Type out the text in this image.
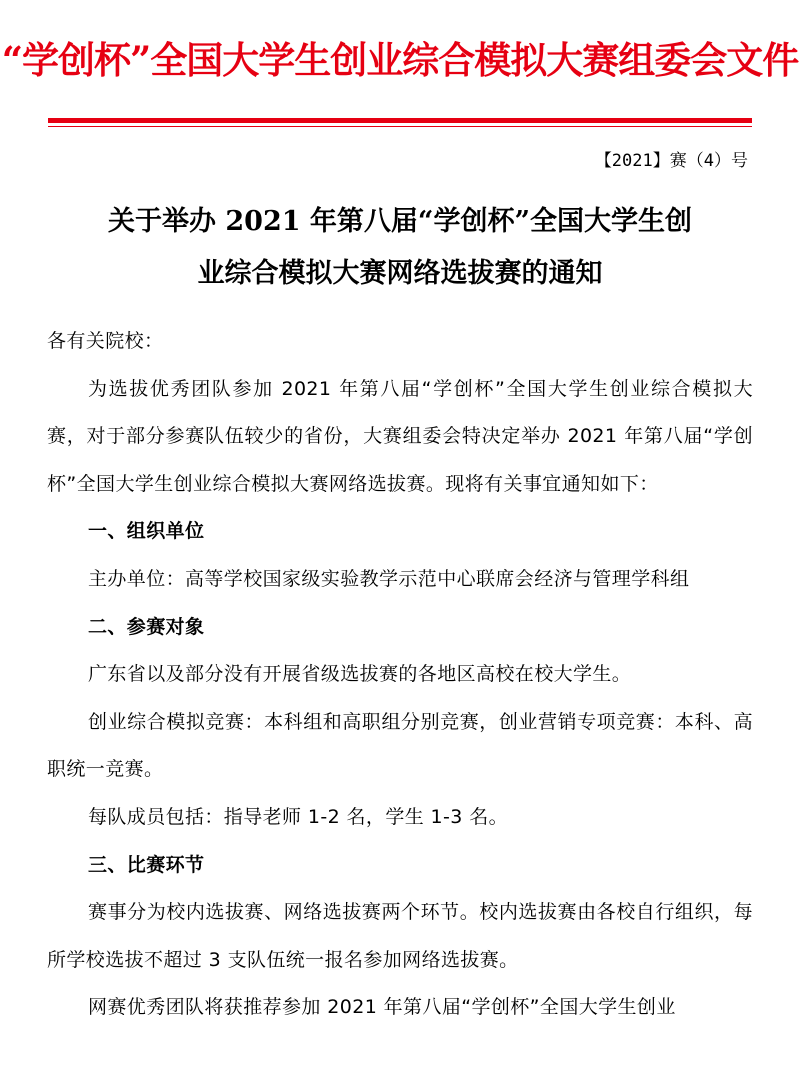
“学创杯”全国大学生创业综合模拟大赛组委会文件
【2021】赛（4）号
关于举办 2021 年第八届“学创杯”全国大学生创
业综合模拟大赛网络选拔赛的通知

各有关院校：

为选拔优秀团队参加 2021 年第八届“学创杯”全国大学生创业综合模拟大赛，对于部分参赛队伍较少的省份，大赛组委会特决定举办 2021 年第八届“学创杯”全国大学生创业综合模拟大赛网络选拔赛。现将有关事宜通知如下：

一、组织单位

主办单位：高等学校国家级实验教学示范中心联席会经济与管理学科组

二、参赛对象

广东省以及部分没有开展省级选拔赛的各地区高校在校大学生。

创业综合模拟竞赛：本科组和高职组分别竞赛，创业营销专项竞赛：本科、高职统一竞赛。

每队成员包括：指导老师 1-2 名，学生 1-3 名。

三、比赛环节

赛事分为校内选拔赛、网络选拔赛两个环节。校内选拔赛由各校自行组织，每所学校选拔不超过 3 支队伍统一报名参加网络选拔赛。

网赛优秀团队将获推荐参加 2021 年第八届“学创杯”全国大学生创业
